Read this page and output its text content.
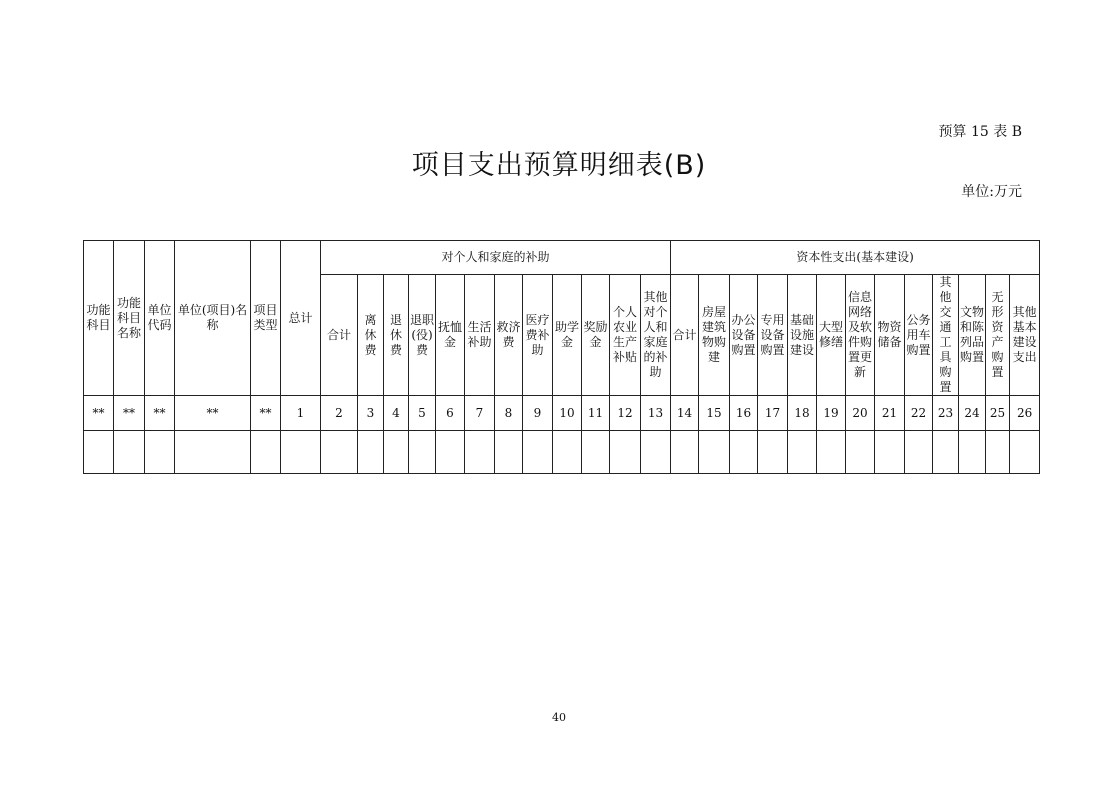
预算 15 表 B
项目支出预算明细表(B)
单位:万元
功能科目	功能科目名称	单位代码	单位(项目)名称	项目类型	总计	对个人和家庭的补助												资本性支出(基本建设)												
						合计	离休费	退休费	退职(役)费	抚恤金	生活补助	救济费	医疗费补助	助学金	奖励金	个人农业生产补贴	其他对个人和家庭的补助	合计	房屋建筑物购建	办公设备购置	专用设备购置	基础设施建设	大型修缮	信息网络及软件购置更新	物资储备	公务用车购置	其他交通工具购置	文物和陈列品购置	无形资产购置	其他基本建设支出
**	**	**	**	**	1	2	3	4	5	6	7	8	9	10	11	12	13	14	15	16	17	18	19	20	21	22	23	24	25	26

40
